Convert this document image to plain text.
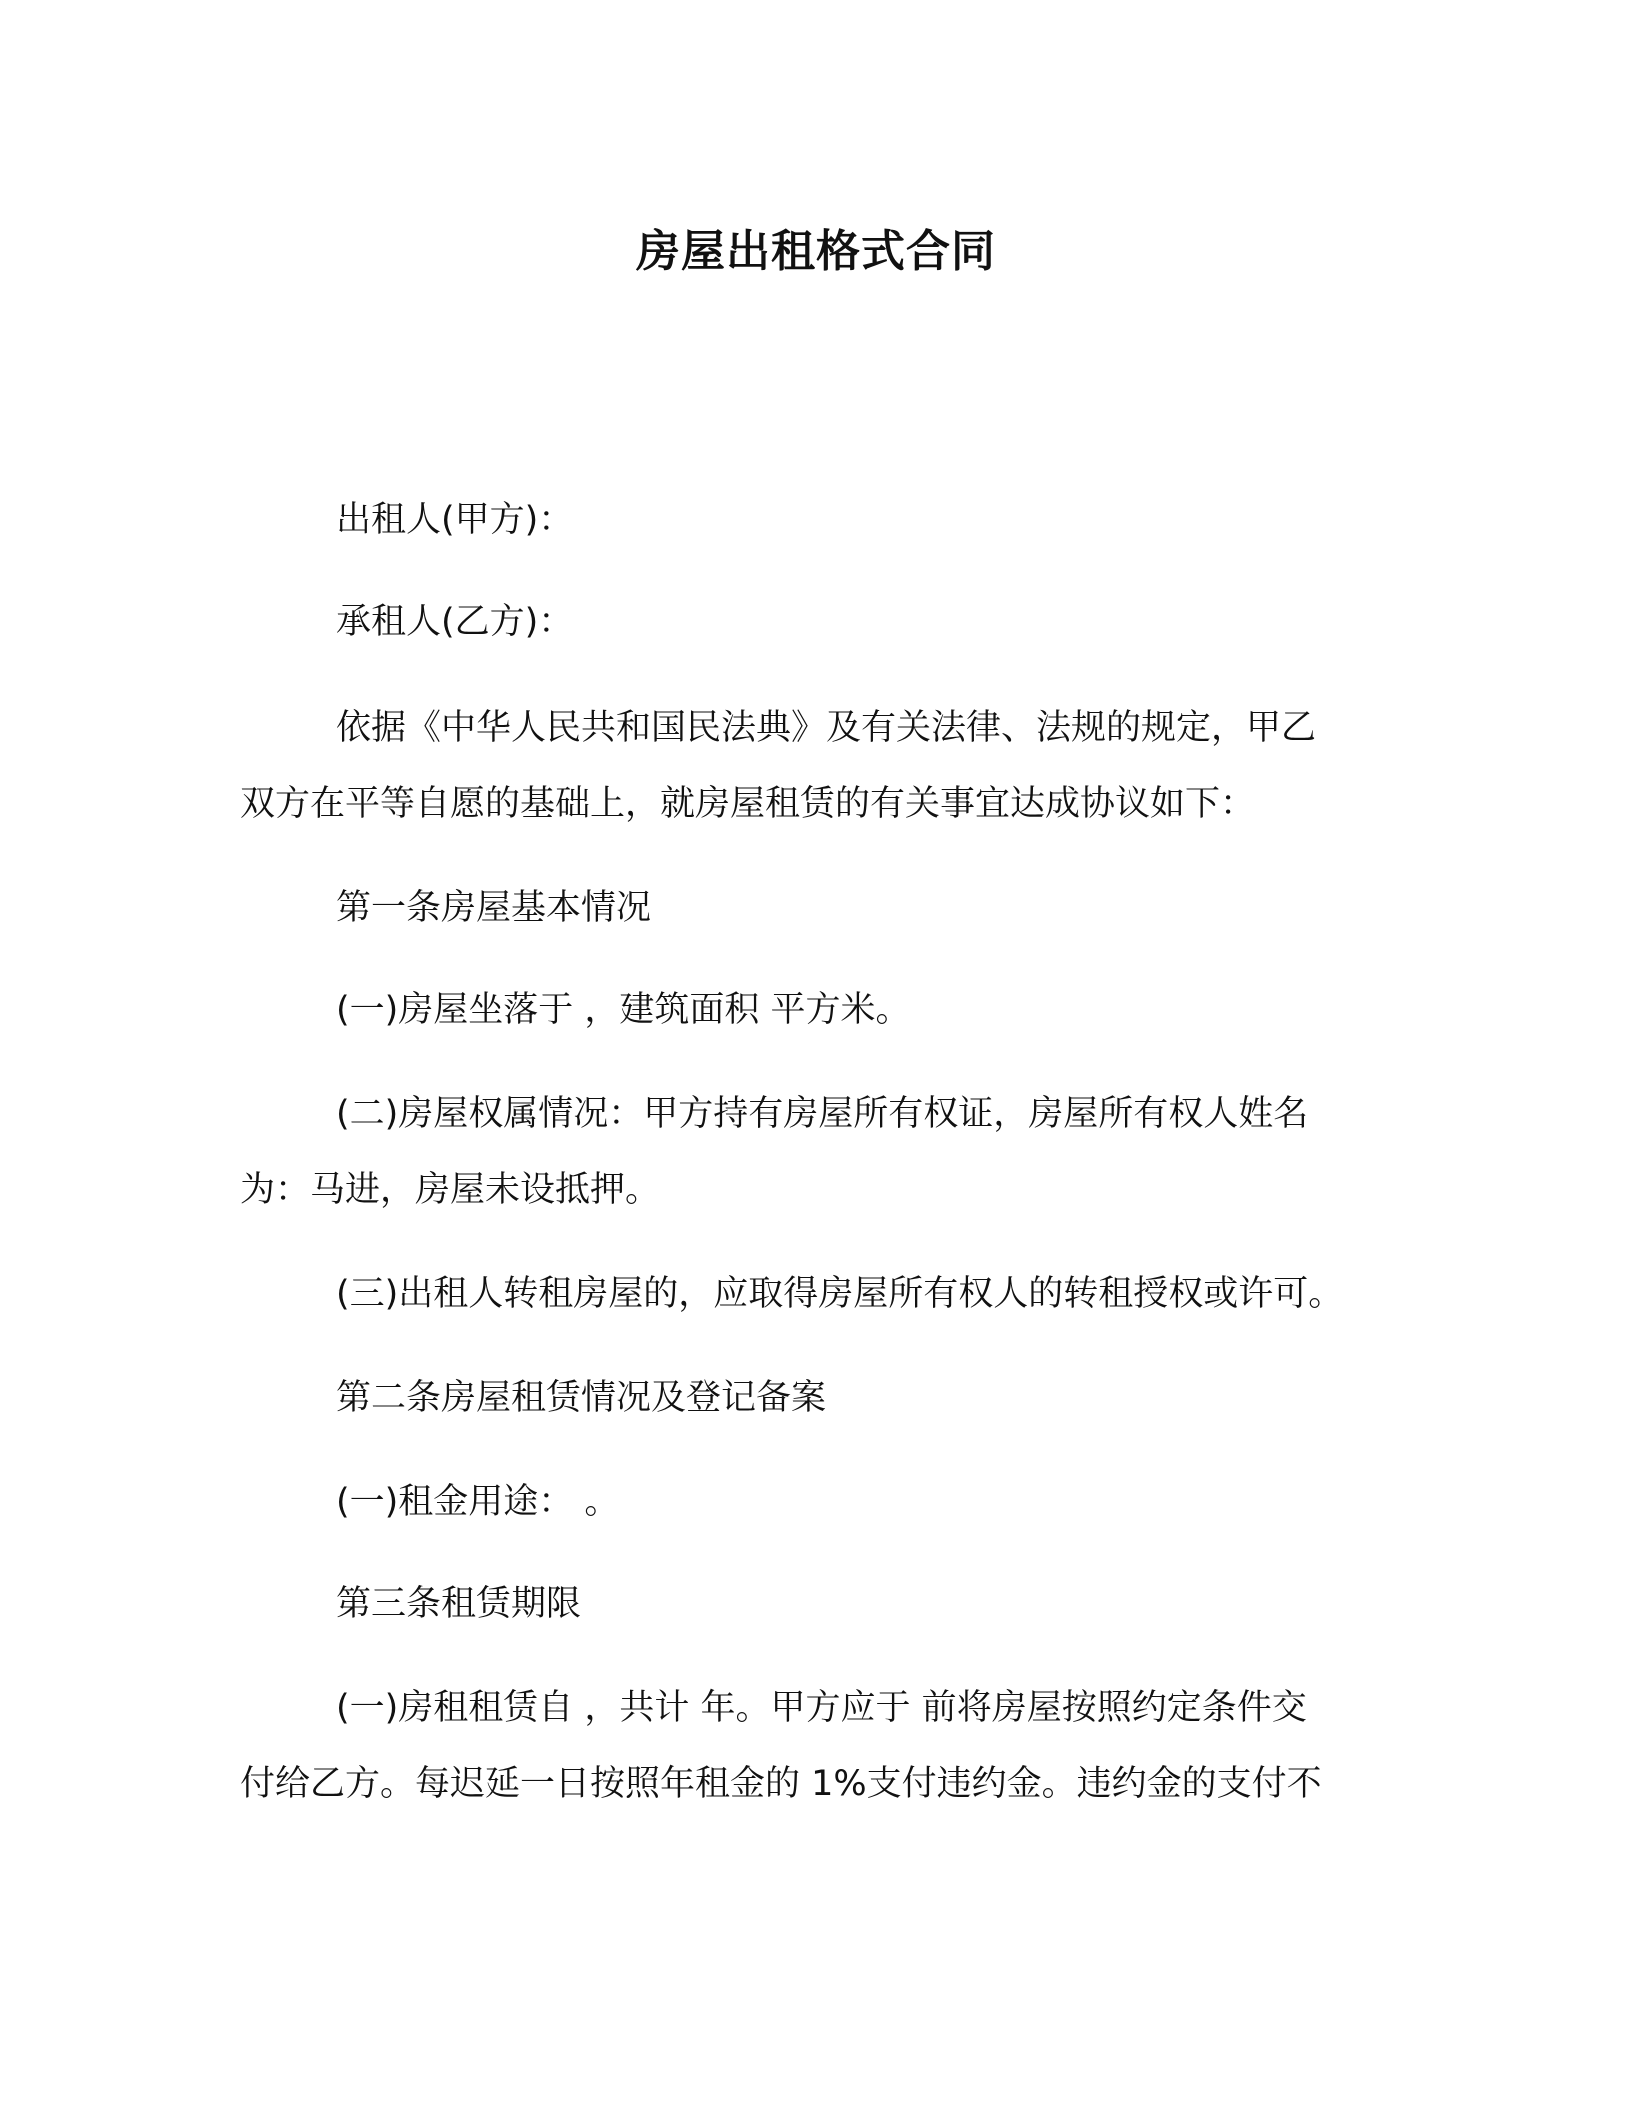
房屋出租格式合同
出租人(甲方)：
承租人(乙方)：
依据《中华人民共和国民法典》及有关法律、法规的规定，甲乙
双方在平等自愿的基础上，就房屋租赁的有关事宜达成协议如下：
第一条房屋基本情况
(一)房屋坐落于 ，建筑面积 平方米。
(二)房屋权属情况：甲方持有房屋所有权证，房屋所有权人姓名
为：马进，房屋未设抵押。
(三)出租人转租房屋的，应取得房屋所有权人的转租授权或许可。
第二条房屋租赁情况及登记备案
(一)租金用途： 。
第三条租赁期限
(一)房租租赁自 ，共计 年。甲方应于 前将房屋按照约定条件交
付给乙方。每迟延一日按照年租金的 1%支付违约金。违约金的支付不
